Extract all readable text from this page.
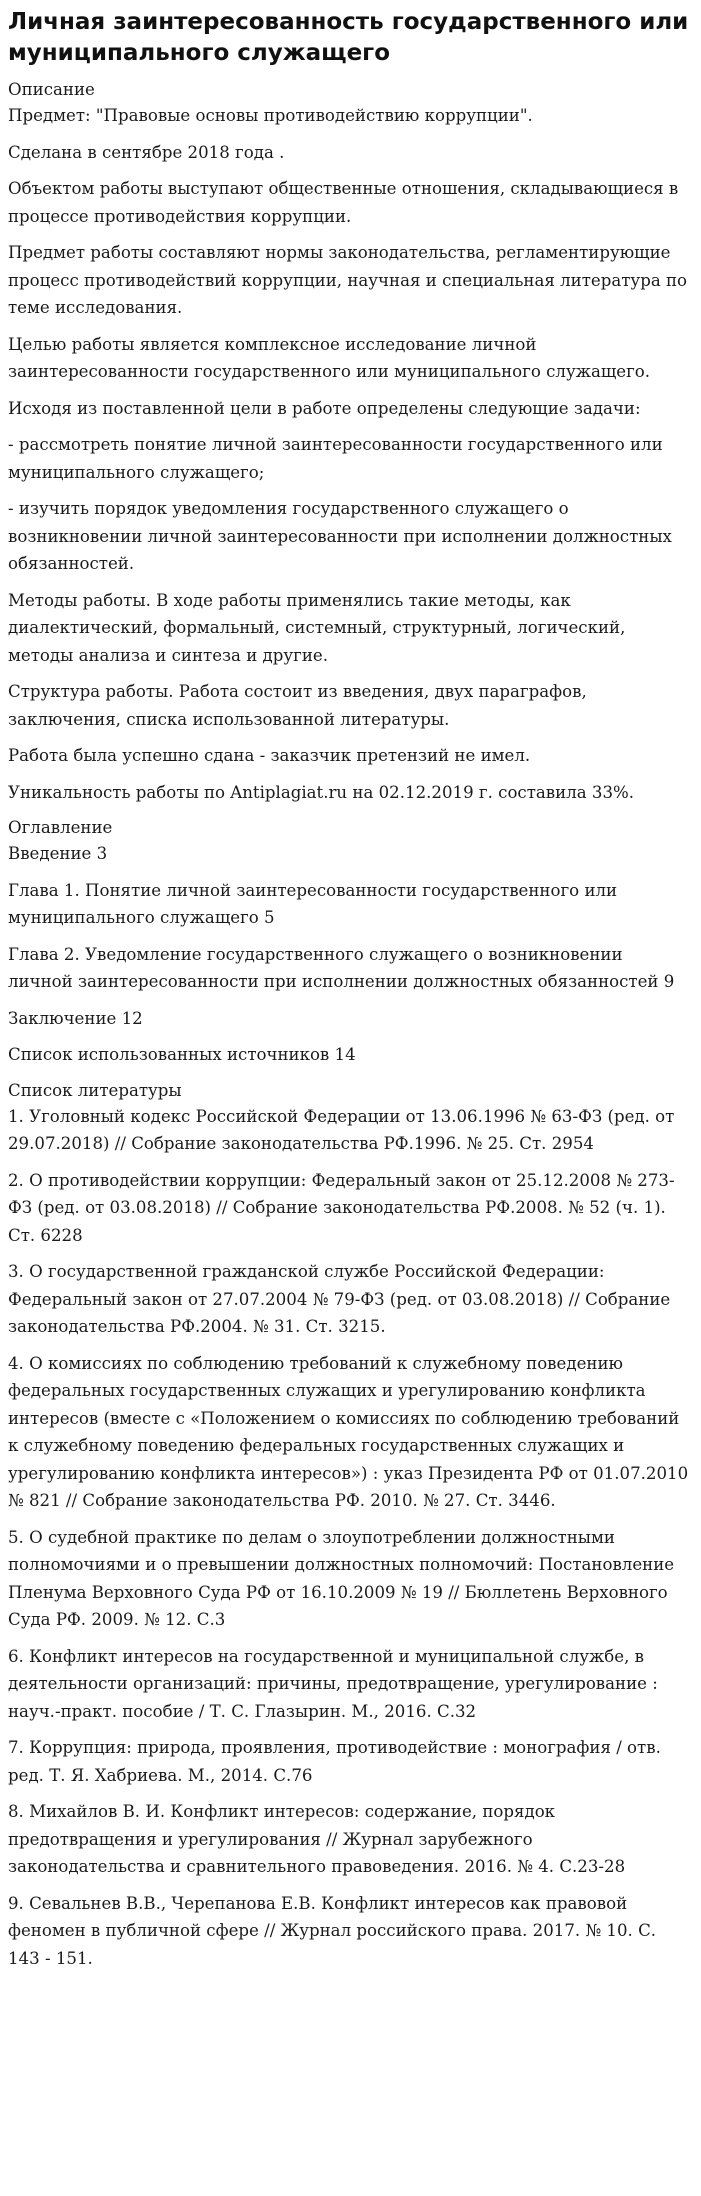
Личная заинтересованность государственного или муниципального служащего
Описание

Предмет: "Правовые основы противодействию коррупции".

Сделана в сентябре 2018 года .

Объектом работы выступают общественные отношения, складывающиеся в процессе противодействия коррупции.

Предмет работы составляют нормы законодательства, регламентирующие процесс противодействий коррупции, научная и специальная литература по теме исследования.

Целью работы является комплексное исследование личной заинтересованности государственного или муниципального служащего.

Исходя из поставленной цели в работе определены следующие задачи:

- рассмотреть понятие личной заинтересованности государственного или муниципального служащего;

- изучить порядок уведомления государственного служащего о возникновении личной заинтересованности при исполнении должностных обязанностей.

Методы работы. В ходе работы применялись такие методы, как диалектический, формальный, системный, структурный, логический, методы анализа и синтеза и другие.

Структура работы. Работа состоит из введения, двух параграфов, заключения, списка использованной литературы.

Работа была успешно сдана - заказчик претензий не имел.

Уникальность работы по Antiplagiat.ru на 02.12.2019 г. составила 33%.

Оглавление

Введение 3

Глава 1. Понятие личной заинтересованности государственного или муниципального служащего 5

Глава 2. Уведомление государственного служащего о возникновении личной заинтересованности при исполнении должностных обязанностей 9

Заключение 12

Список использованных источников 14

Список литературы

1. Уголовный кодекс Российской Федерации от 13.06.1996 № 63-ФЗ (ред. от 29.07.2018) // Собрание законодательства РФ.1996. № 25. Ст. 2954

2. О противодействии коррупции: Федеральный закон от 25.12.2008 № 273-ФЗ (ред. от 03.08.2018) // Собрание законодательства РФ.2008. № 52 (ч. 1). Ст. 6228

3. О государственной гражданской службе Российской Федерации: Федеральный закон от 27.07.2004 № 79-ФЗ (ред. от 03.08.2018) // Собрание законодательства РФ.2004. № 31. Ст. 3215.

4. О комиссиях по соблюдению требований к служебному поведению федеральных государственных служащих и урегулированию конфликта интересов (вместе с «Положением о комиссиях по соблюдению требований к служебному поведению федеральных государственных служащих и урегулированию конфликта интересов») : указ Президента РФ от 01.07.2010 № 821 // Собрание законодательства РФ. 2010. № 27. Ст. 3446.

5. О судебной практике по делам о злоупотреблении должностными полномочиями и о превышении должностных полномочий: Постановление Пленума Верховного Суда РФ от 16.10.2009 № 19 // Бюллетень Верховного Суда РФ. 2009. № 12. С.3

6. Конфликт интересов на государственной и муниципальной службе, в деятельности организаций: причины, предотвращение, урегулирование : науч.-практ. пособие / Т. С. Глазырин. М., 2016. С.32

7. Коррупция: природа, проявления, противодействие : монография / отв. ред. Т. Я. Хабриева. М., 2014. С.76

8. Михайлов В. И. Конфликт интересов: содержание, порядок предотвращения и урегулирования // Журнал зарубежного законодательства и сравнительного правоведения. 2016. № 4. С.23-28

9. Севальнев В.В., Черепанова Е.В. Конфликт интересов как правовой феномен в публичной сфере // Журнал российского права. 2017. № 10. С. 143 - 151.
